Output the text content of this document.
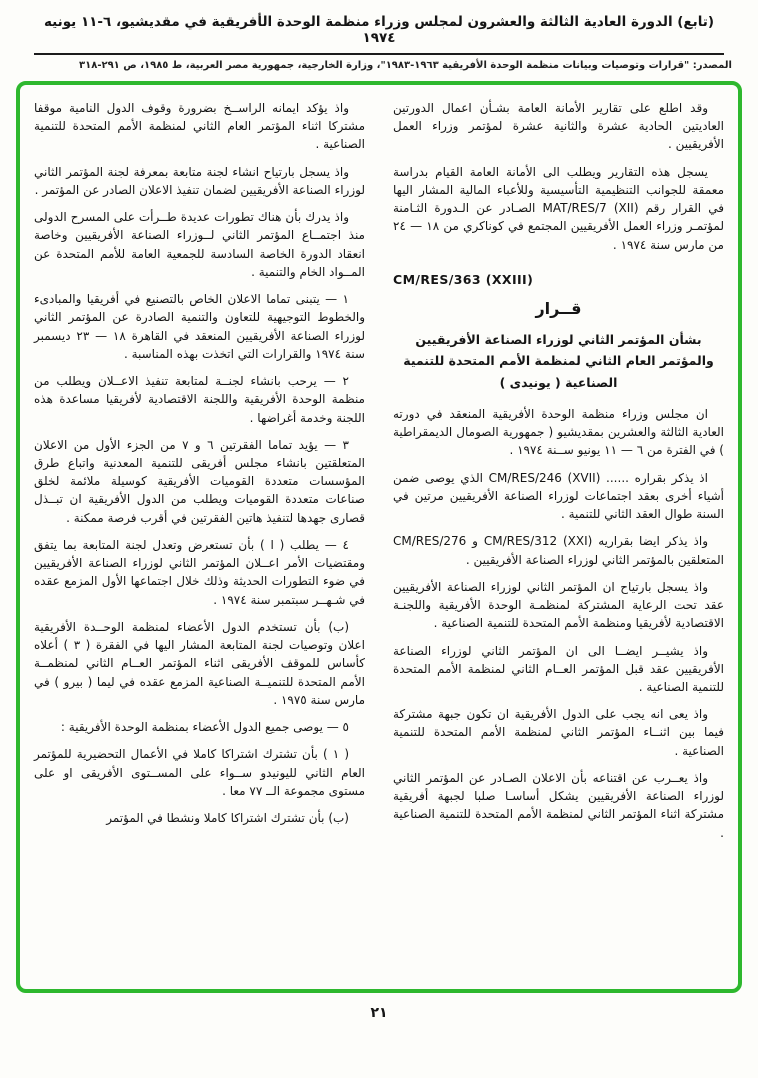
(تابع) الدورة العادية الثالثة والعشرون لمجلس وزراء منظمة الوحدة الأفريقية في مقديشيو، ٦-١١ يونيه ١٩٧٤
المصدر: "قرارات وتوصيات وبيانات منظمة الوحدة الأفريقية ١٩٦٣-١٩٨٣"، وزارة الخارجية، جمهورية مصر العربية، ط ١٩٨٥، ص ٢٩١-٣١٨

وقد اطلع على تقارير الأمانة العامة بشـأن اعمال الدورتين العاديتين الحادية عشرة والثانية عشرة لمؤتمر وزراء العمل الأفريقيين .

يسجل هذه التقارير ويطلب الى الأمانة العامة القيام بدراسة معمقة للجوانب التنظيمية التأسيسية وللأعباء المالية المشار اليها في القرار رقم ‎MAT/RES/7 (XII)‎ الصـادر عن الـدورة الثـامنة لمؤتمـر وزراء العمل الأفريقيين المجتمع في كوناكري من ١٨ — ٢٤ من مارس سنة ١٩٧٤ .

CM/RES/363 (XXIII)

قــرار

بشأن المؤتمر الثاني لوزراء الصناعة الأفريقيين والمؤتمر العام الثاني لمنظمة الأمم المتحدة للتنمية الصناعية ( يونيدى )

ان مجلس وزراء منظمة الوحدة الأفريقية المنعقد في دورته العادية الثالثة والعشرين بمقديشيو ( جمهورية الصومال الديمقراطية ) في الفترة من ٦ — ١١ يونيو ســنة ١٩٧٤ .

اذ يذكر بقراره ...... ‎CM/RES/246 (XVII)‎ الذي يوصى ضمن أشياء أخرى بعقد اجتماعات لوزراء الصناعة الأفريقيين مرتين في السنة طوال العقد الثاني للتنمية .

واذ يذكر ايضا بقراريه ‎CM/RES/312 (XXI)‎ و ‎CM/RES/276‎ المتعلقين بالمؤتمر الثاني لوزراء الصناعة الأفريقيين .

واذ يسجل بارتياح ان المؤتمر الثاني لوزراء الصناعة الأفريقيين عقد تحت الرعاية المشتركة لمنظمـة الوحدة الأفريقية واللجنـة الاقتصادية لأفريقيا ومنظمة الأمم المتحدة للتنمية الصناعية .

واذ يشيــر ايضــا الى ان المؤتمر الثاني لوزراء الصناعة الأفريقيين عقد قبل المؤتمر العــام الثاني لمنظمة الأمم المتحدة للتنمية الصناعية .

واذ يعى انه يجب على الدول الأفريقية ان تكون جبهة مشتركة فيما بين اثنــاء المؤتمر الثاني لمنظمة الأمم المتحدة للتنمية الصناعية .

واذ يعــرب عن اقتناعه بأن الاعلان الصـادر عن المؤتمر الثاني لوزراء الصناعة الأفريقيين يشكل أساسـا صلبا لجبهة أفريقية مشتركة اثناء المؤتمر الثاني لمنظمة الأمم المتحدة للتنمية الصناعية .

واذ يؤكد ايمانه الراســخ بضرورة وقوف الدول النامية موقفا مشتركا اثناء المؤتمر العام الثاني لمنظمة الأمم المتحدة للتنمية الصناعية .

واذ يسجل بارتياح انشاء لجنة متابعة بمعرفة لجنة المؤتمر الثاني لوزراء الصناعة الأفريقيين لضمان تنفيذ الاعلان الصادر عن المؤتمر .

واذ يدرك بأن هناك تطورات عديدة طــرأت على المسرح الدولى منذ اجتمــاع المؤتمر الثاني لــوزراء الصناعة الأفريقيين وخاصة انعقاد الدورة الخاصة السادسة للجمعية العامة للأمم المتحدة عن المــواد الخام والتنمية .

١ — يتبنى تماما الاعلان الخاص بالتصنيع في أفريقيا والمبادىء والخطوط التوجيهية للتعاون والتنمية الصادرة عن المؤتمر الثاني لوزراء الصناعة الأفريقيين المنعقد في القاهرة ١٨ — ٢٣ ديسمبر سنة ١٩٧٤ والقرارات التي اتخذت بهذه المناسبة .

٢ — يرحب بانشاء لجنــة لمتابعة تنفيذ الاعــلان ويطلب من منظمة الوحدة الأفريقية واللجنة الاقتصادية لأفريقيا مساعدة هذه اللجنة وخدمة أغراضها .

٣ — يؤيد تماما الفقرتين ٦ و ٧ من الجزء الأول من الاعلان المتعلقتين بانشاء مجلس أفريقى للتنمية المعدنية واتباع طرق المؤسسات متعددة القوميات الأفريقية كوسيلة ملائمة لخلق صناعات متعددة القوميات ويطلب من الدول الأفريقية ان تبــذل قصارى جهدها لتنفيذ هاتين الفقرتين في أقرب فرصة ممكنة .

٤ — يطلب ( ا ) بأن تستعرض وتعدل لجنة المتابعة بما يتفق ومقتضيات الأمر اعــلان المؤتمر الثاني لوزراء الصناعة الأفريقيين في ضوء التطورات الحديثة وذلك خلال اجتماعها الأول المزمع عقده في شـهــر سبتمبر سنة ١٩٧٤ .

(ب) بأن تستخدم الدول الأعضاء لمنظمة الوحــدة الأفريقية اعلان وتوصيات لجنة المتابعة المشار اليها في الفقرة ( ٣ ) أعلاه كأساس للموقف الأفريقى اثناء المؤتمر العــام الثاني لمنظمــة الأمم المتحدة للتنميــة الصناعية المزمع عقده في ليما ( بيرو ) في مارس سنة ١٩٧٥ .

٥ — يوصى جميع الدول الأعضاء بمنظمة الوحدة الأفريقية :

( ١ ) بأن تشترك اشتراكا كاملا في الأعمال التحضيرية للمؤتمر العام الثاني لليونيدو ســواء على المســتوى الأفريقى او على مستوى مجموعة الــ ٧٧ معا .

(ب) بأن تشترك اشتراكا كاملا ونشطا في المؤتمر

٢١
